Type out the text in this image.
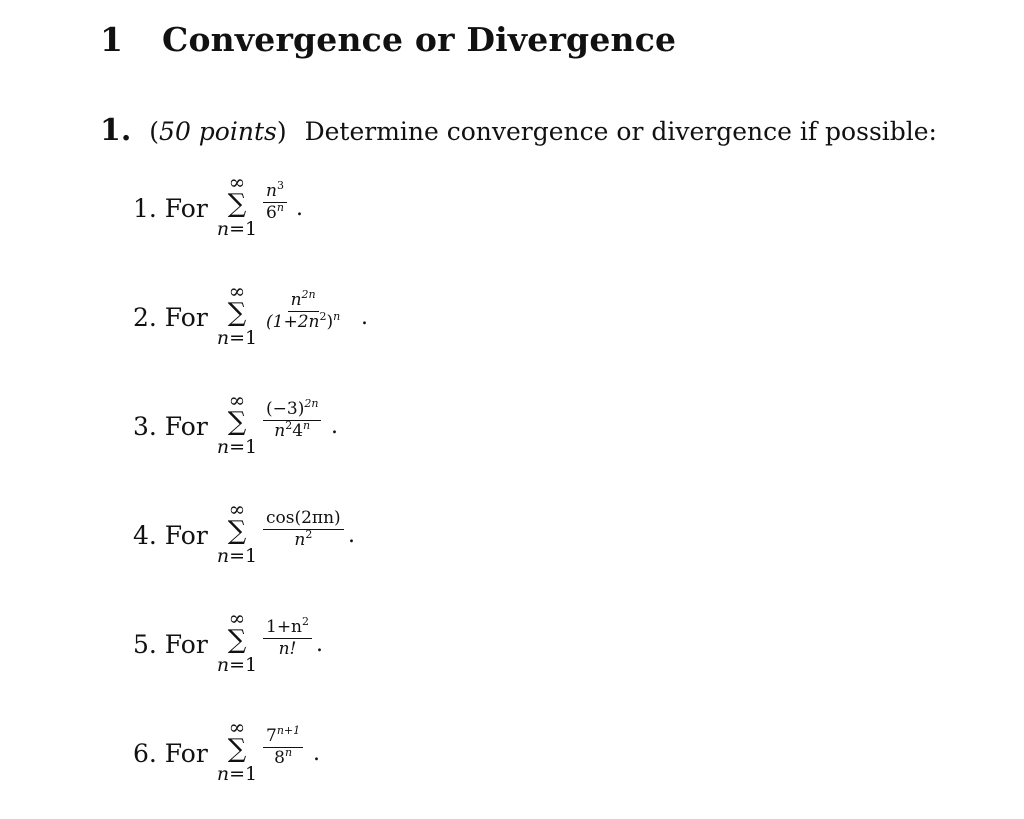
1 Convergence or Divergence
1. (50 points) Determine convergence or divergence if possible:
1. For
∞
∑
n=1
$\frac{n^3}{6^n}$ .
2. For
∞
∑
n=1
$\frac{n^{2n}}{(1+2n^2)^n}$ .
3. For
∞
∑
n=1
$\frac{(-3)^{2n}}{n^24^n}$ .
4. For
∞
∑
n=1
$\frac{\cos(2\pi n)}{n^2}$ .
5. For
∞
∑
n=1
$\frac{1+n^2}{n!}$ .
6. For
∞
∑
n=1
$\frac{7^{n+1}}{8^n}$ .
